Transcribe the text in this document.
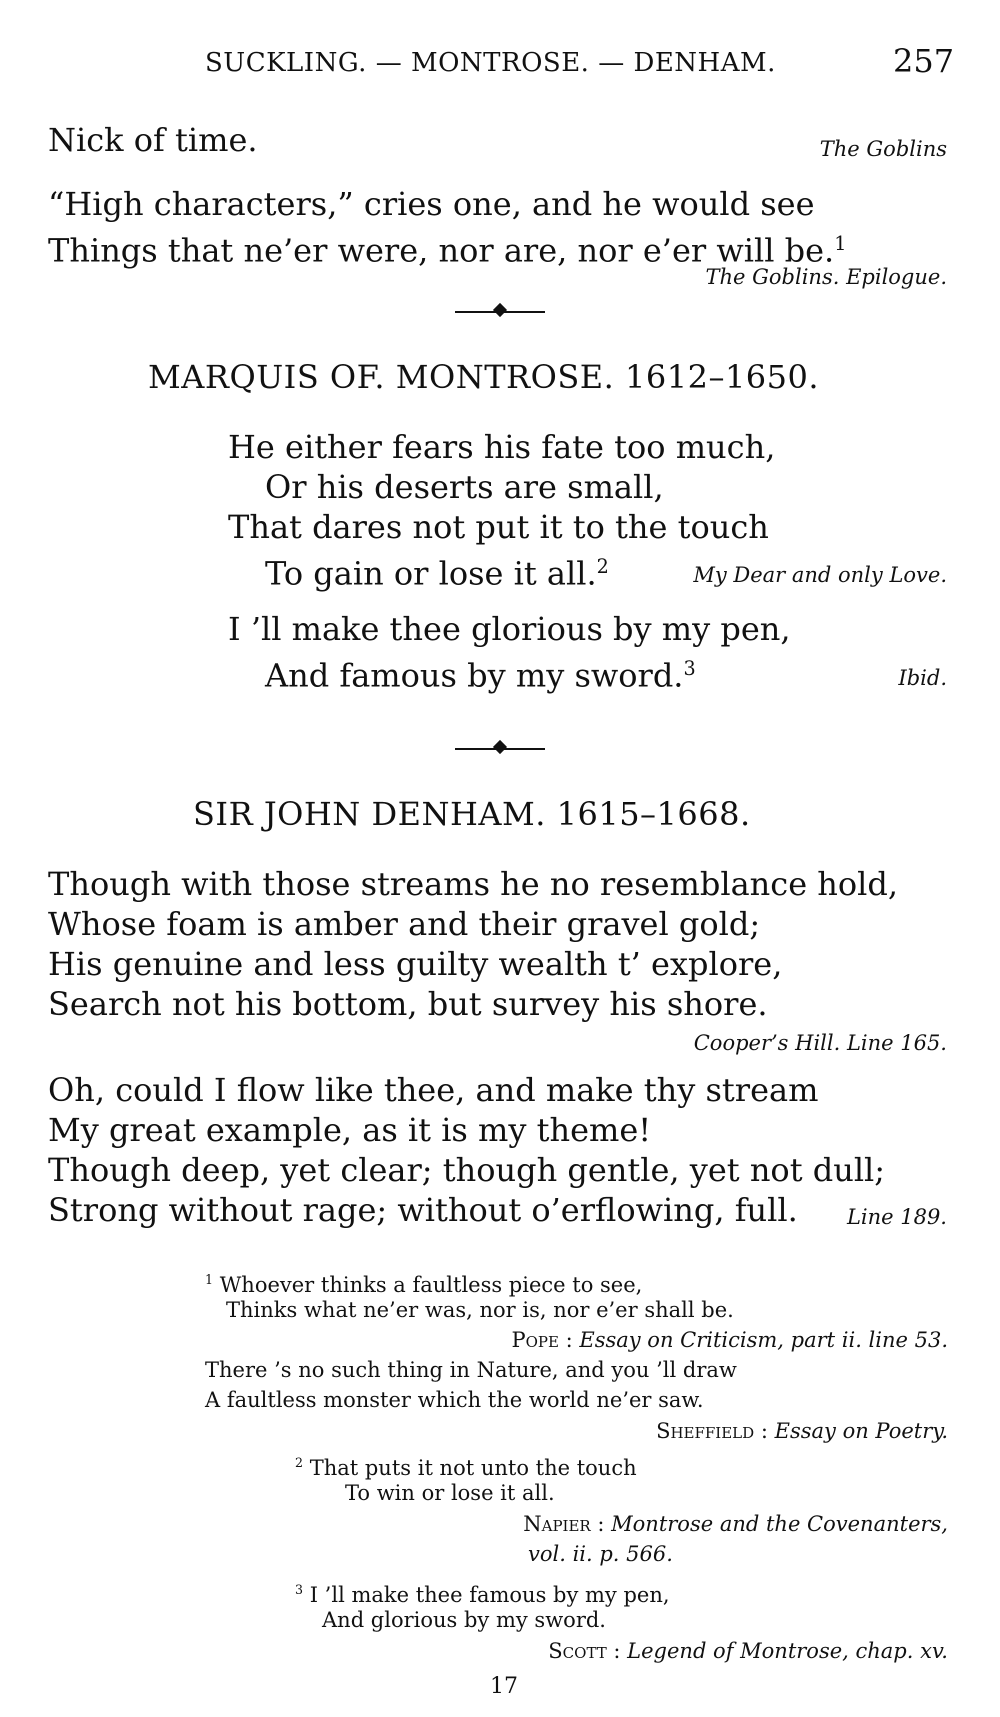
SUCKLING. — MONTROSE. — DENHAM.	257
Nick of time.	The Goblins
“High characters,” cries one, and he would see
Things that ne’er were, nor are, nor e’er will be.$^1$
The Goblins. Epilogue.
MARQUIS OF. MONTROSE. 1612–1650.
He either fears his fate too much,
Or his deserts are small,
That dares not put it to the touch
To gain or lose it all.$^2$	My Dear and only Love.
I ’ll make thee glorious by my pen,
And famous by my sword.$^3$	Ibid.
SIR JOHN DENHAM. 1615–1668.
Though with those streams he no resemblance hold,
Whose foam is amber and their gravel gold;
His genuine and less guilty wealth t’ explore,
Search not his bottom, but survey his shore.
Cooper’s Hill. Line 165.
Oh, could I flow like thee, and make thy stream
My great example, as it is my theme!
Though deep, yet clear; though gentle, yet not dull;
Strong without rage; without o’erflowing, full. Line 189.
$^1$ Whoever thinks a faultless piece to see,
Thinks what ne’er was, nor is, nor e’er shall be.
Pope : Essay on Criticism, part ii. line 53.
There ’s no such thing in Nature, and you ’ll draw
A faultless monster which the world ne’er saw.
Sheffield : Essay on Poetry.
$^2$ That puts it not unto the touch
To win or lose it all.
Napier : Montrose and the Covenanters,
vol. ii. p. 566.
$^3$ I ’ll make thee famous by my pen,
And glorious by my sword.
Scott : Legend of Montrose, chap. xv.
17
